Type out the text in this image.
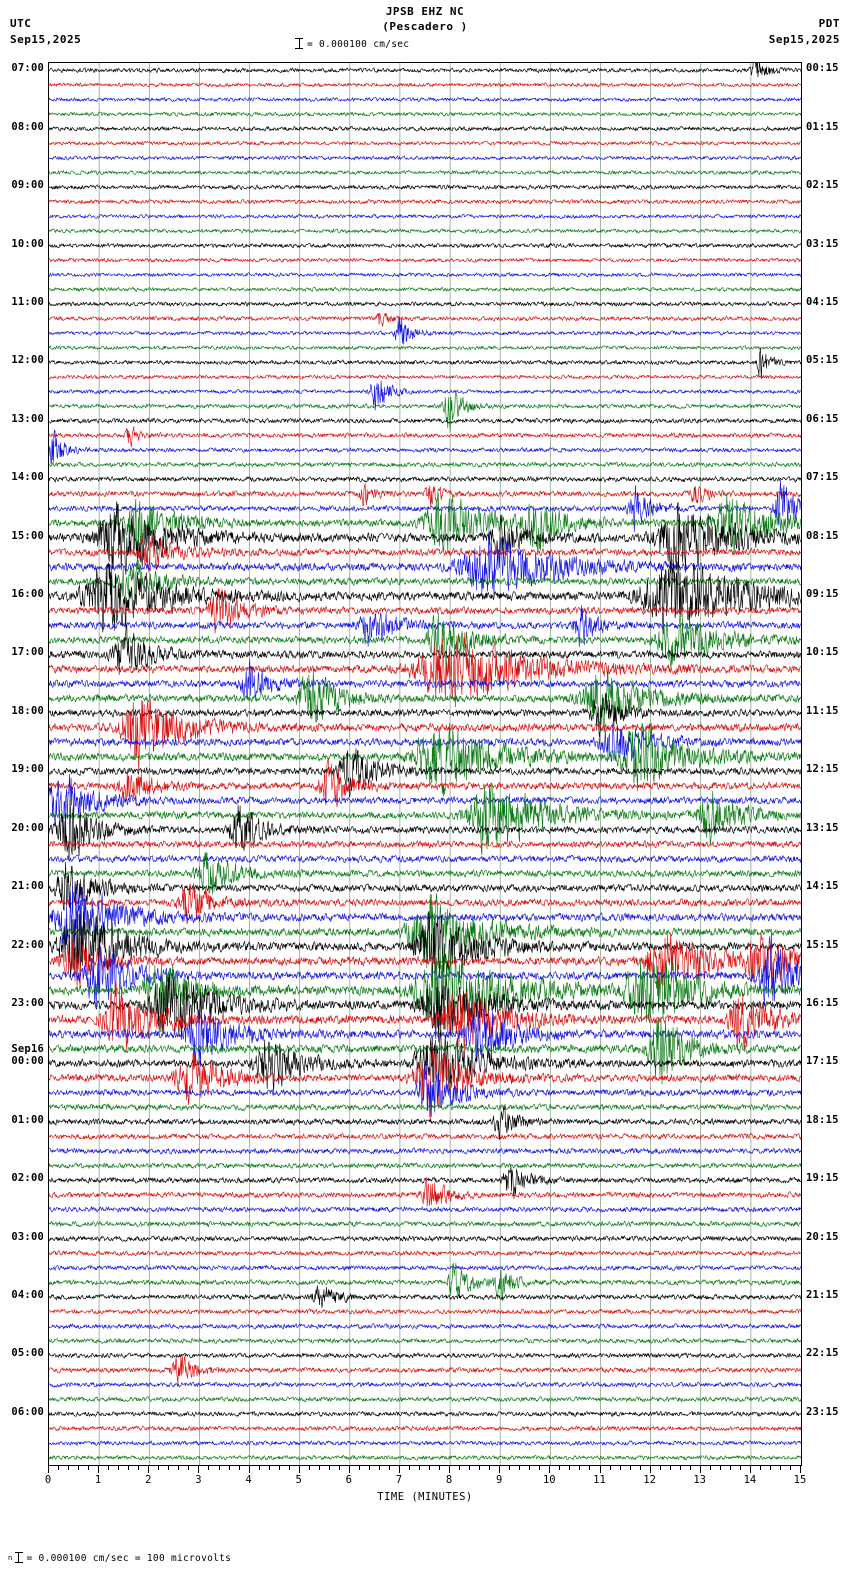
JPSB EHZ NC
(Pescadero )
UTC
Sep15,2025
PDT
Sep15,2025
= 0.000100 cm/sec
07:00
08:00
09:00
10:00
11:00
12:00
13:00
14:00
15:00
16:00
17:00
18:00
19:00
20:00
21:00
22:00
23:00
00:00
01:00
02:00
03:00
04:00
05:00
06:00
00:15
01:15
02:15
03:15
04:15
05:15
06:15
07:15
08:15
09:15
10:15
11:15
12:15
13:15
14:15
15:15
16:15
17:15
18:15
19:15
20:15
21:15
22:15
23:15
Sep16
0	1	2	3	4	5	6	7	8	9	10	11	12	13	14	15
TIME (MINUTES)
n = 0.000100 cm/sec = 100 microvolts
